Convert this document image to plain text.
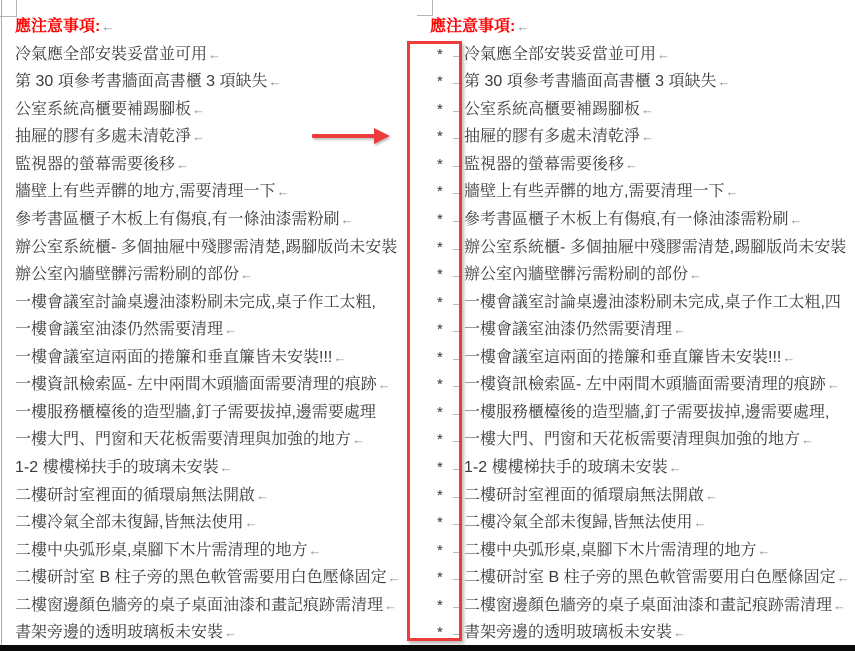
應注意事項:←
冷氣應全部安裝妥當並可用←
第 30 項參考書牆面高書櫃 3 項缺失←
公室系統高櫃要補踢腳板←
抽屜的膠有多處未清乾淨←
監視器的螢幕需要後移←
牆壁上有些弄髒的地方,需要清理一下←
參考書區櫃子木板上有傷痕,有一條油漆需粉刷←
辦公室系統櫃- 多個抽屜中殘膠需清楚,踢腳版尚未安裝
辦公室內牆壁髒污需粉刷的部份←
一樓會議室討論桌邊油漆粉刷未完成,桌子作工太粗,
一樓會議室油漆仍然需要清理←
一樓會議室這兩面的捲簾和垂直簾皆未安裝!!!←
一樓資訊檢索區- 左中兩間木頭牆面需要清理的痕跡←
一樓服務櫃檯後的造型牆,釘子需要拔掉,邊需要處理
一樓大門、門窗和天花板需要清理與加強的地方←
1-2 樓樓梯扶手的玻璃未安裝←
二樓研討室裡面的循環扇無法開啟←
二樓冷氣全部未復歸,皆無法使用←
二樓中央弧形桌,桌腳下木片需清理的地方←
二樓研討室 B 柱子旁的黑色軟管需要用白色壓條固定←
二樓窗邊顏色牆旁的桌子桌面油漆和畫記痕跡需清理←
書架旁邊的透明玻璃板未安裝←
應注意事項:←
* →冷氣應全部安裝妥當並可用←
* →第 30 項參考書牆面高書櫃 3 項缺失←
* →公室系統高櫃要補踢腳板←
* →抽屜的膠有多處未清乾淨←
* →監視器的螢幕需要後移←
* →牆壁上有些弄髒的地方,需要清理一下←
* →參考書區櫃子木板上有傷痕,有一條油漆需粉刷←
* →辦公室系統櫃- 多個抽屜中殘膠需清楚,踢腳版尚未安裝
* →辦公室內牆壁髒污需粉刷的部份←
* →一樓會議室討論桌邊油漆粉刷未完成,桌子作工太粗,四
* →一樓會議室油漆仍然需要清理←
* →一樓會議室這兩面的捲簾和垂直簾皆未安裝!!!←
* →一樓資訊檢索區- 左中兩間木頭牆面需要清理的痕跡←
* →一樓服務櫃檯後的造型牆,釘子需要拔掉,邊需要處理,
* →一樓大門、門窗和天花板需要清理與加強的地方←
* →1-2 樓樓梯扶手的玻璃未安裝←
* →二樓研討室裡面的循環扇無法開啟←
* →二樓冷氣全部未復歸,皆無法使用←
* →二樓中央弧形桌,桌腳下木片需清理的地方←
* →二樓研討室 B 柱子旁的黑色軟管需要用白色壓條固定←
* →二樓窗邊顏色牆旁的桌子桌面油漆和畫記痕跡需清理←
* →書架旁邊的透明玻璃板未安裝←
